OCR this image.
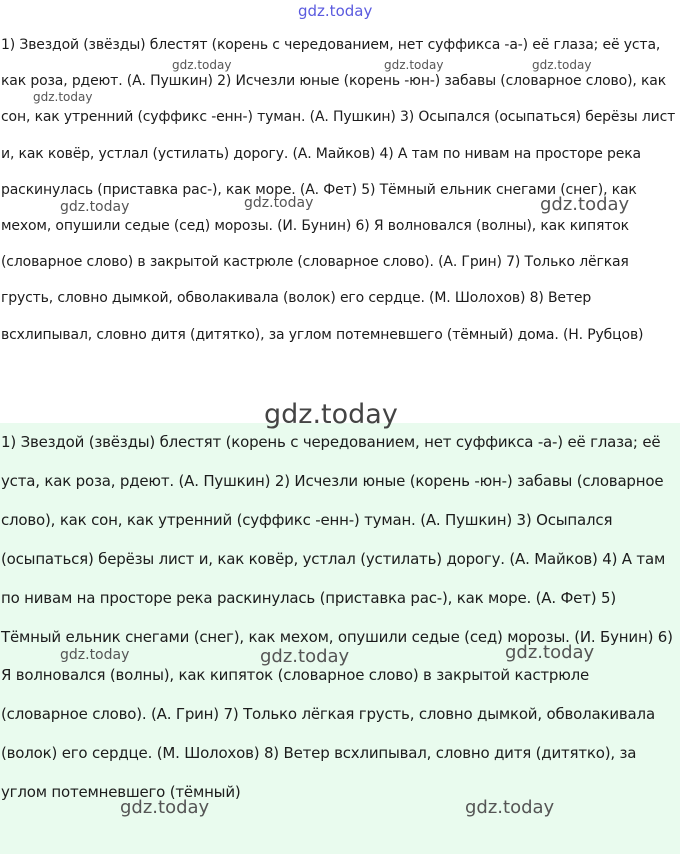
gdz.today

1) Звездой (звёзды) блестят (корень с чередованием, нет суффикса -а-) её глаза; её уста, как роза, рдеют. (А. Пушкин) 2) Исчезли юные (корень -юн-) забавы (словарное слово), как сон, как утренний (суффикс -енн-) туман. (А. Пушкин) 3) Осыпался (осыпаться) берёзы лист и, как ковёр, устлал (устилать) дорогу. (А. Майков) 4) А там по нивам на просторе река раскинулась (приставка рас-), как море. (А. Фет) 5) Тёмный ельник снегами (снег), как мехом, опушили седые (сед) морозы. (И. Бунин) 6) Я волновался (волны), как кипяток (словарное слово) в закрытой кастрюле (словарное слово). (А. Грин) 7) Только лёгкая грусть, словно дымкой, обволакивала (волок) его сердце. (М. Шолохов) 8) Ветер всхлипывал, словно дитя (дитятко), за углом потемневшего (тёмный) дома. (Н. Рубцов)

1) Звездой (звёзды) блестят (корень с чередованием, нет суффикса -а-) её глаза; её уста, как роза, рдеют. (А. Пушкин) 2) Исчезли юные (корень -юн-) забавы (словарное слово), как сон, как утренний (суффикс -енн-) туман. (А. Пушкин) 3) Осыпался (осыпаться) берёзы лист и, как ковёр, устлал (устилать) дорогу. (А. Майков) 4) А там по нивам на просторе река раскинулась (приставка рас-), как море. (А. Фет) 5) Тёмный ельник снегами (снег), как мехом, опушили седые (сед) морозы. (И. Бунин) 6) Я волновался (волны), как кипяток (словарное слово) в закрытой кастрюле (словарное слово). (А. Грин) 7) Только лёгкая грусть, словно дымкой, обволакивала (волок) его сердце. (М. Шолохов) 8) Ветер всхлипывал, словно дитя (дитятко), за углом потемневшего (тёмный)

gdz.today	gdz.today	gdz.today
gdz.today
gdz.today	gdz.today	gdz.today
gdz.today
gdz.today	gdz.today	gdz.today
gdz.today	gdz.today
